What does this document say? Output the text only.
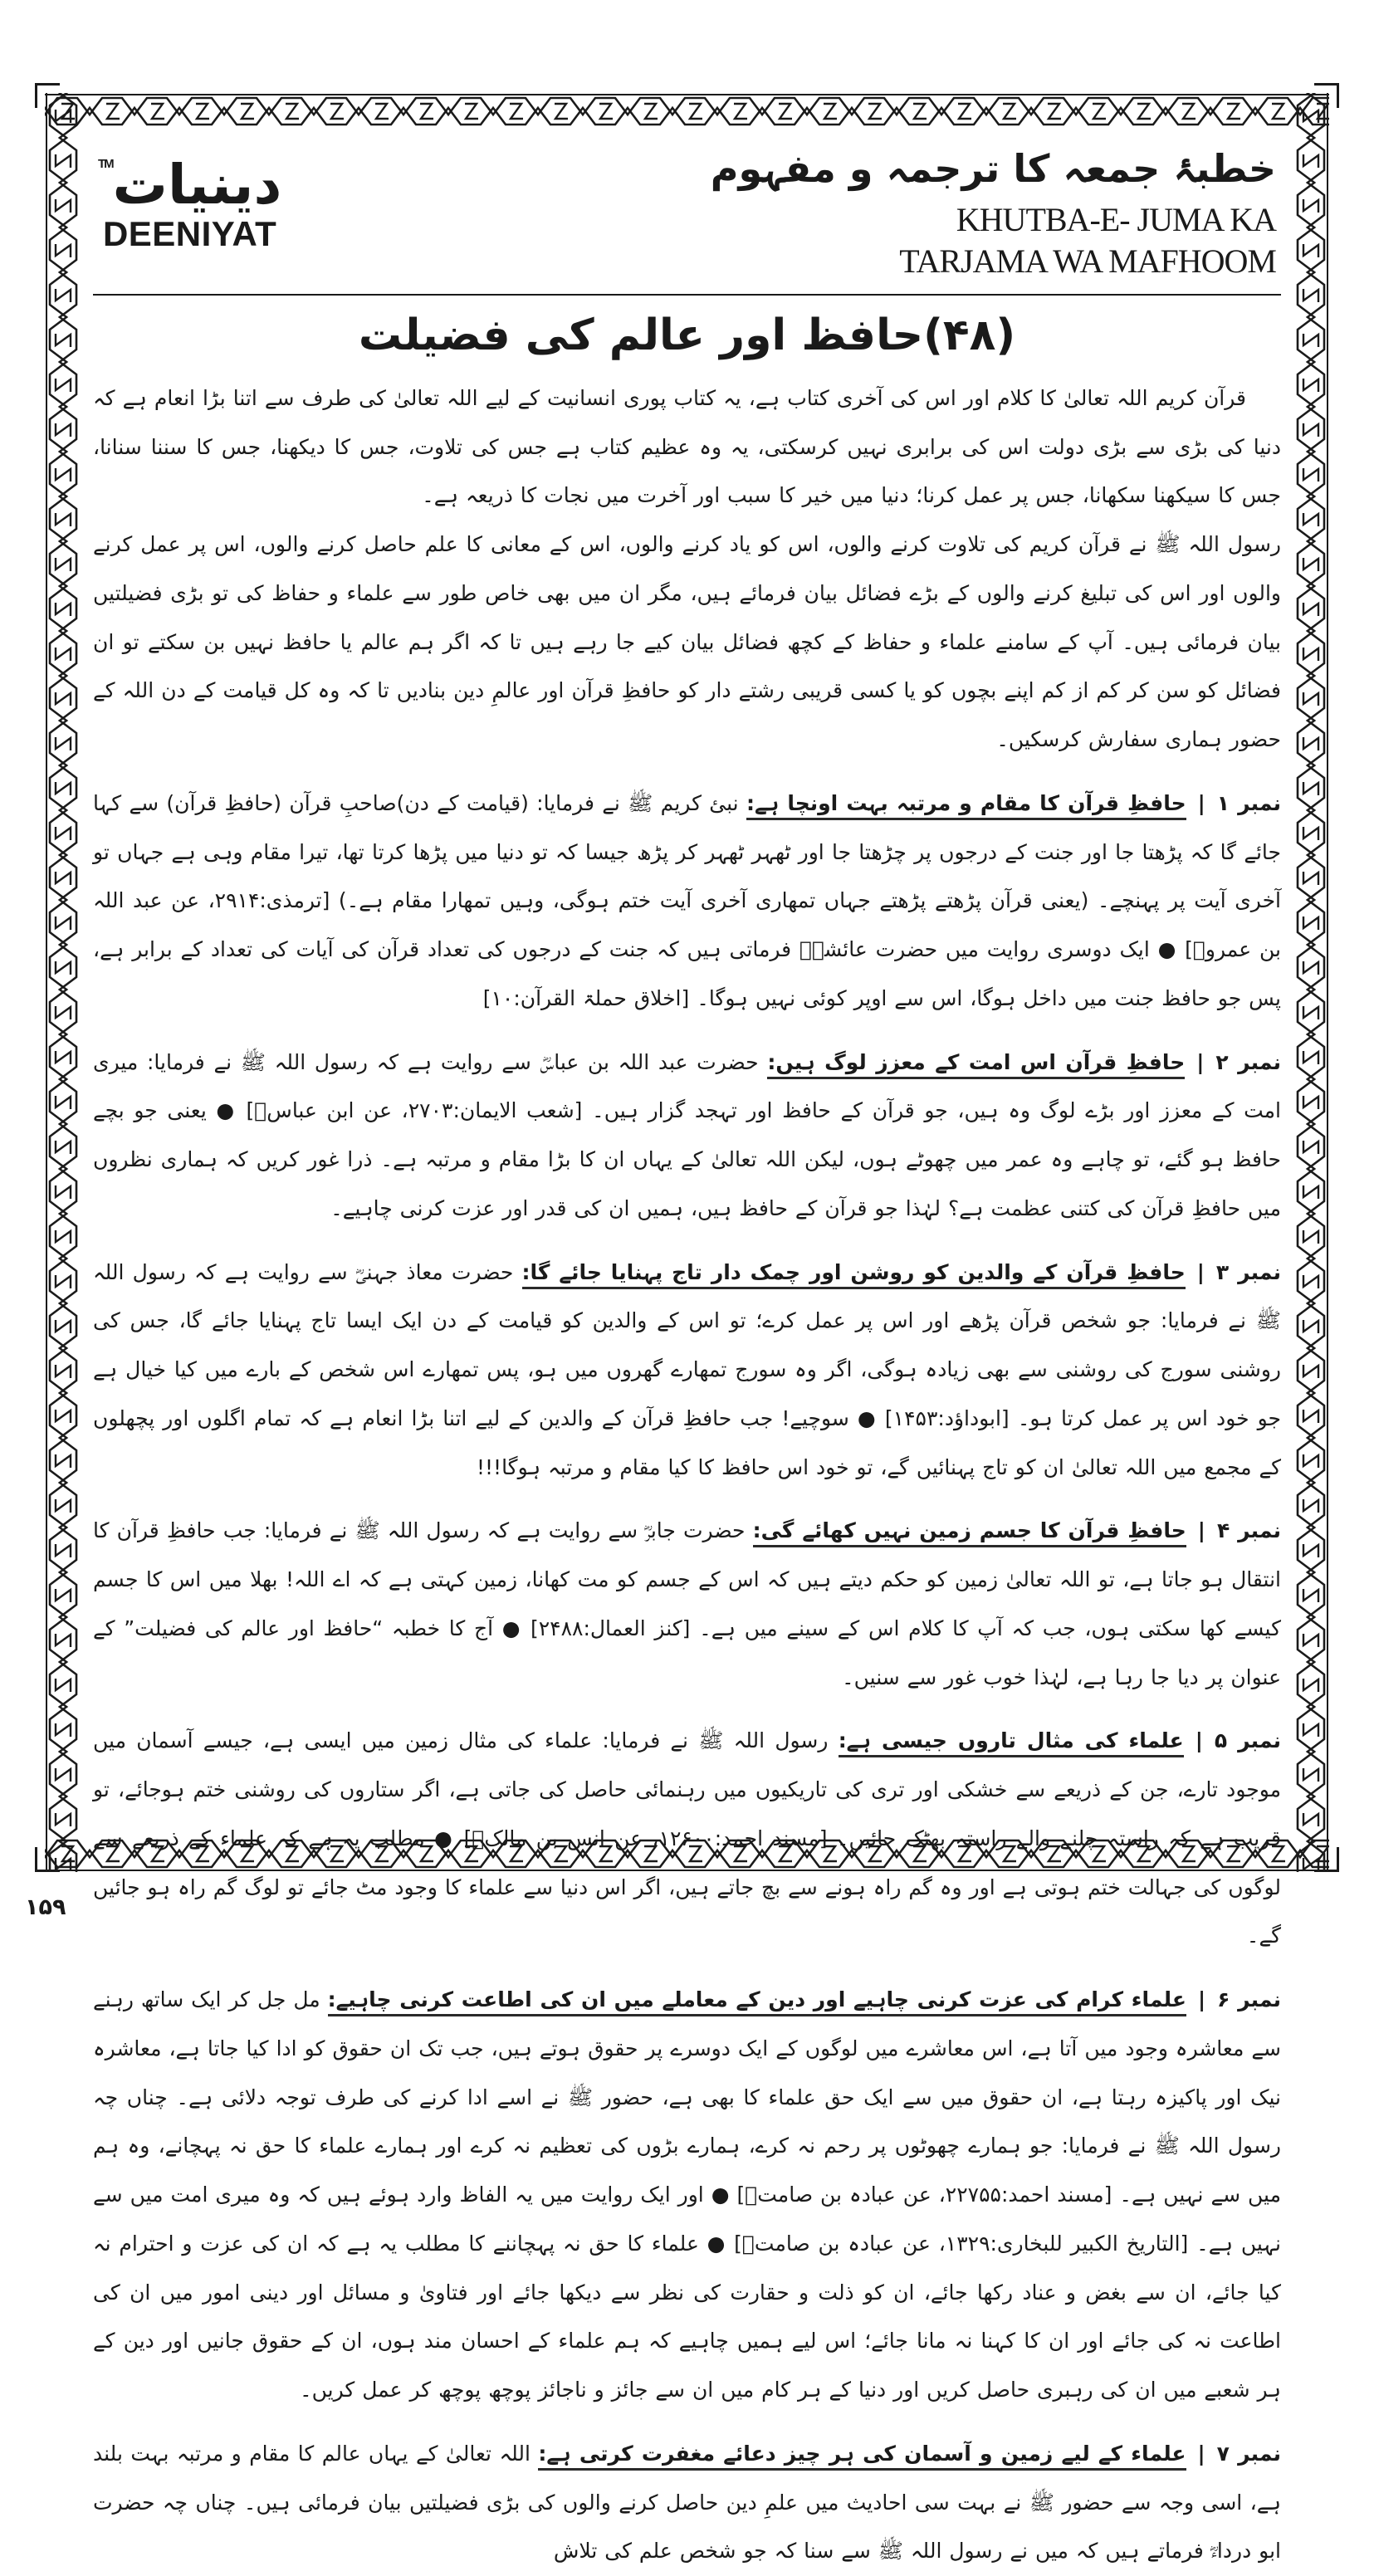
دینیات™
DEENIYAT
خطبۂ جمعہ کا ترجمہ و مفہوم
KHUTBA-E- JUMA KA
TARJAMA WA MAFHOOM
(۴۸)حافظ اور عالم کی فضیلت

قرآن کریم اللہ تعالیٰ کا کلام اور اس کی آخری کتاب ہے، یہ کتاب پوری انسانیت کے لیے اللہ تعالیٰ کی طرف سے اتنا بڑا انعام ہے کہ دنیا کی بڑی سے بڑی دولت اس کی برابری نہیں کرسکتی، یہ وہ عظیم کتاب ہے جس کی تلاوت، جس کا دیکھنا، جس کا سننا سنانا، جس کا سیکھنا سکھانا، جس پر عمل کرنا؛ دنیا میں خیر کا سبب اور آخرت میں نجات کا ذریعہ ہے۔

رسول اللہ ﷺ نے قرآن کریم کی تلاوت کرنے والوں، اس کو یاد کرنے والوں، اس کے معانی کا علم حاصل کرنے والوں، اس پر عمل کرنے والوں اور اس کی تبلیغ کرنے والوں کے بڑے فضائل بیان فرمائے ہیں، مگر ان میں بھی خاص طور سے علماء و حفاظ کی تو بڑی فضیلتیں بیان فرمائی ہیں۔ آپ کے سامنے علماء و حفاظ کے کچھ فضائل بیان کیے جا رہے ہیں تا کہ اگر ہم عالم یا حافظ نہیں بن سکتے تو ان فضائل کو سن کر کم از کم اپنے بچوں کو یا کسی قریبی رشتے دار کو حافظِ قرآن اور عالمِ دین بنادیں تا کہ وہ کل قیامت کے دن اللہ کے حضور ہماری سفارش کرسکیں۔

نمبر ۱|حافظِ قرآن کا مقام و مرتبہ بہت اونچا ہے: نبئ کریم ﷺ نے فرمایا: (قیامت کے دن)صاحبِ قرآن (حافظِ قرآن) سے کہا جائے گا کہ پڑھتا جا اور جنت کے درجوں پر چڑھتا جا اور ٹھہر ٹھہر کر پڑھ جیسا کہ تو دنیا میں پڑھا کرتا تھا، تیرا مقام وہی ہے جہاں تو آخری آیت پر پہنچے۔ (یعنی قرآن پڑھتے پڑھتے جہاں تمھاری آخری آیت ختم ہوگی، وہیں تمھارا مقام ہے۔) [ترمذی:۲۹۱۴، عن عبد اللہ بن عمروؓ] ● ایک دوسری روایت میں حضرت عائشہؓ فرماتی ہیں کہ جنت کے درجوں کی تعداد قرآن کی آیات کی تعداد کے برابر ہے، پس جو حافظ جنت میں داخل ہوگا، اس سے اوپر کوئی نہیں ہوگا۔ [اخلاق حملۃ القرآن:۱۰]

نمبر ۲|حافظِ قرآن اس امت کے معزز لوگ ہیں: حضرت عبد اللہ بن عباسؓ سے روایت ہے کہ رسول اللہ ﷺ نے فرمایا: میری امت کے معزز اور بڑے لوگ وہ ہیں، جو قرآن کے حافظ اور تہجد گزار ہیں۔ [شعب الایمان:۲۷۰۳، عن ابن عباسؓ] ● یعنی جو بچے حافظ ہو گئے، تو چاہے وہ عمر میں چھوٹے ہوں، لیکن اللہ تعالیٰ کے یہاں ان کا بڑا مقام و مرتبہ ہے۔ ذرا غور کریں کہ ہماری نظروں میں حافظِ قرآن کی کتنی عظمت ہے؟ لہٰذا جو قرآن کے حافظ ہیں، ہمیں ان کی قدر اور عزت کرنی چاہیے۔

نمبر ۳|حافظِ قرآن کے والدین کو روشن اور چمک دار تاج پہنایا جائے گا: حضرت معاذ جہنیؓ سے روایت ہے کہ رسول اللہ ﷺ نے فرمایا: جو شخص قرآن پڑھے اور اس پر عمل کرے؛ تو اس کے والدین کو قیامت کے دن ایک ایسا تاج پہنایا جائے گا، جس کی روشنی سورج کی روشنی سے بھی زیادہ ہوگی، اگر وہ سورج تمھارے گھروں میں ہو، پس تمھارے اس شخص کے بارے میں کیا خیال ہے جو خود اس پر عمل کرتا ہو۔ [ابوداؤد:۱۴۵۳] ● سوچیے! جب حافظِ قرآن کے والدین کے لیے اتنا بڑا انعام ہے کہ تمام اگلوں اور پچھلوں کے مجمع میں اللہ تعالیٰ ان کو تاج پہنائیں گے، تو خود اس حافظ کا کیا مقام و مرتبہ ہوگا!!!

نمبر ۴|حافظِ قرآن کا جسم زمین نہیں کھائے گی: حضرت جابرؓ سے روایت ہے کہ رسول اللہ ﷺ نے فرمایا: جب حافظِ قرآن کا انتقال ہو جاتا ہے، تو اللہ تعالیٰ زمین کو حکم دیتے ہیں کہ اس کے جسم کو مت کھانا، زمین کہتی ہے کہ اے اللہ! بھلا میں اس کا جسم کیسے کھا سکتی ہوں، جب کہ آپ کا کلام اس کے سینے میں ہے۔ [کنز العمال:۲۴۸۸] ● آج کا خطبہ “حافظ اور عالم کی فضیلت” کے عنوان پر دیا جا رہا ہے، لہٰذا خوب غور سے سنیں۔

نمبر ۵|علماء کی مثال تاروں جیسی ہے: رسول اللہ ﷺ نے فرمایا: علماء کی مثال زمین میں ایسی ہے، جیسے آسمان میں موجود تارے، جن کے ذریعے سے خشکی اور تری کی تاریکیوں میں رہنمائی حاصل کی جاتی ہے، اگر ستاروں کی روشنی ختم ہوجائے، تو قریب ہے کہ راستہ چلنے والے راستہ بھٹک جائیں۔ [مسند احمد:۱۲۶۰۰، عن انس بن مالکؓ] ● مطلب یہ ہے کہ علماء کے ذریعے سے لوگوں کی جہالت ختم ہوتی ہے اور وہ گم راہ ہونے سے بچ جاتے ہیں، اگر اس دنیا سے علماء کا وجود مٹ جائے تو لوگ گم راہ ہو جائیں گے۔

نمبر ۶|علماء کرام کی عزت کرنی چاہیے اور دین کے معاملے میں ان کی اطاعت کرنی چاہیے: مل جل کر ایک ساتھ رہنے سے معاشرہ وجود میں آتا ہے، اس معاشرے میں لوگوں کے ایک دوسرے پر حقوق ہوتے ہیں، جب تک ان حقوق کو ادا کیا جاتا ہے، معاشرہ نیک اور پاکیزہ رہتا ہے، ان حقوق میں سے ایک حق علماء کا بھی ہے، حضور ﷺ نے اسے ادا کرنے کی طرف توجہ دلائی ہے۔ چناں چہ رسول اللہ ﷺ نے فرمایا: جو ہمارے چھوٹوں پر رحم نہ کرے، ہمارے بڑوں کی تعظیم نہ کرے اور ہمارے علماء کا حق نہ پہچانے، وہ ہم میں سے نہیں ہے۔ [مسند احمد:۲۲۷۵۵، عن عبادہ بن صامتؓ] ● اور ایک روایت میں یہ الفاظ وارد ہوئے ہیں کہ وہ میری امت میں سے نہیں ہے۔ [التاریخ الکبیر للبخاری:۱۳۲۹، عن عبادہ بن صامتؓ] ● علماء کا حق نہ پہچاننے کا مطلب یہ ہے کہ ان کی عزت و احترام نہ کیا جائے، ان سے بغض و عناد رکھا جائے، ان کو ذلت و حقارت کی نظر سے دیکھا جائے اور فتاویٰ و مسائل اور دینی امور میں ان کی اطاعت نہ کی جائے اور ان کا کہنا نہ مانا جائے؛ اس لیے ہمیں چاہیے کہ ہم علماء کے احسان مند ہوں، ان کے حقوق جانیں اور دین کے ہر شعبے میں ان کی رہبری حاصل کریں اور دنیا کے ہر کام میں ان سے جائز و ناجائز پوچھ پوچھ کر عمل کریں۔

نمبر ۷|علماء کے لیے زمین و آسمان کی ہر چیز دعائے مغفرت کرتی ہے: اللہ تعالیٰ کے یہاں عالم کا مقام و مرتبہ بہت بلند ہے، اسی وجہ سے حضور ﷺ نے بہت سی احادیث میں علمِ دین حاصل کرنے والوں کی بڑی فضیلتیں بیان فرمائی ہیں۔ چناں چہ حضرت ابو درداءؓ فرماتے ہیں کہ میں نے رسول اللہ ﷺ سے سنا کہ جو شخص علم کی تلاش

۱۵۹
